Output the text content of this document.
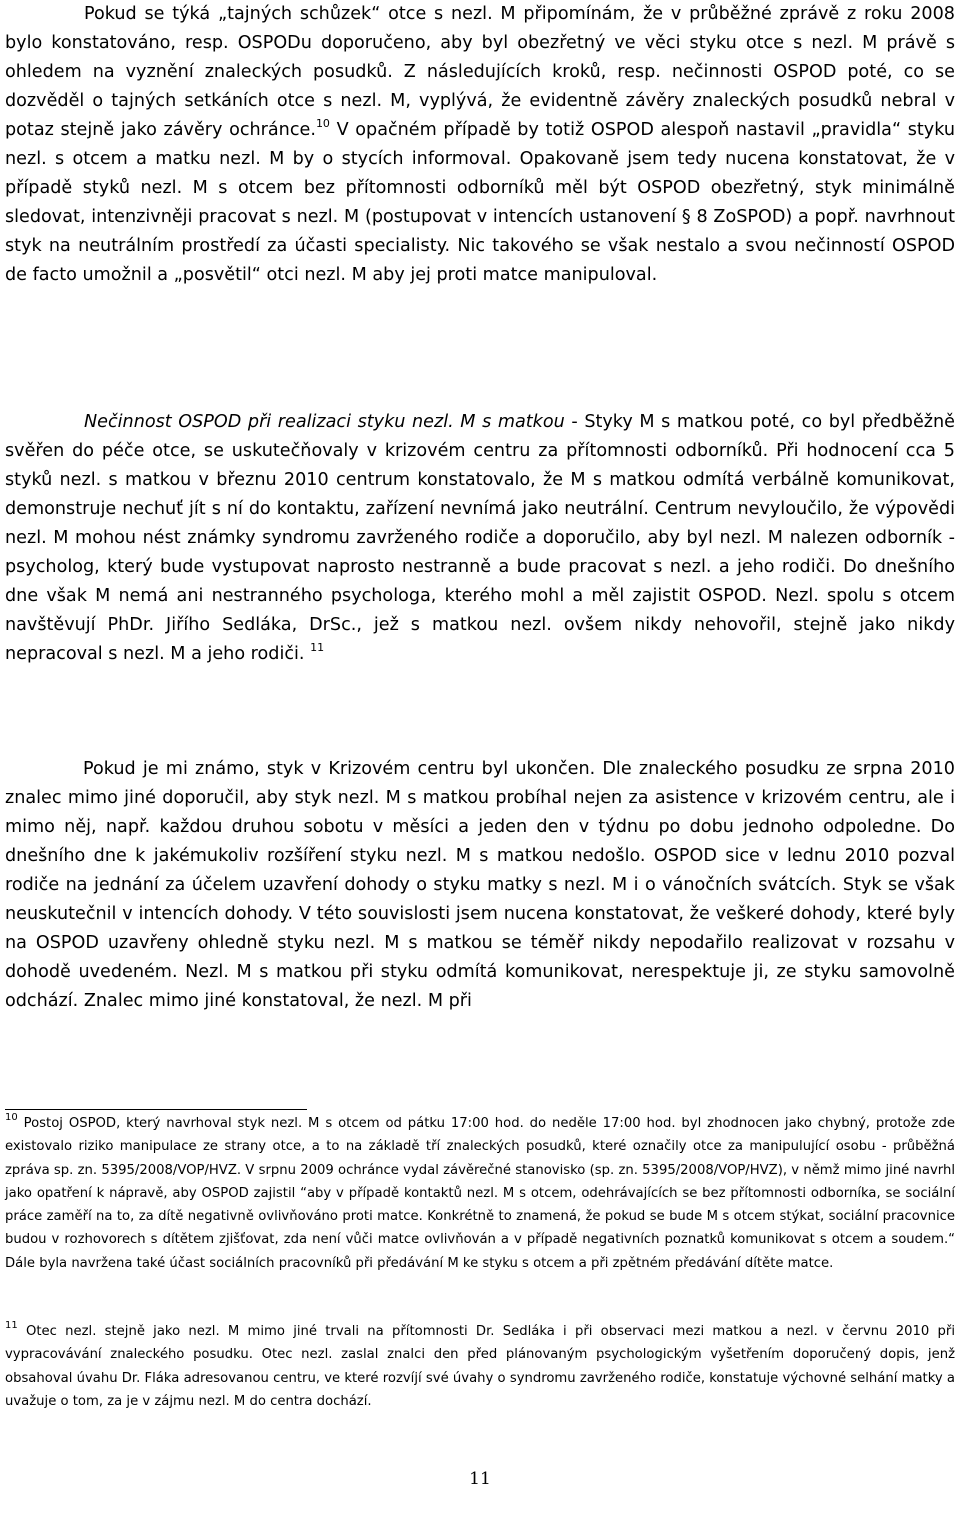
Pokud se týká „tajných schůzek“ otce s nezl. M připomínám, že v průběžné zprávě z roku 2008 bylo konstatováno, resp. OSPODu doporučeno, aby byl obezřetný ve věci styku otce s nezl. M právě s ohledem na vyznění znaleckých posudků. Z následujících kroků, resp. nečinnosti OSPOD poté, co se dozvěděl o tajných setkáních otce s nezl. M, vyplývá, že evidentně závěry znaleckých posudků nebral v potaz stejně jako závěry ochránce.$^{10}$ V opačném případě by totiž OSPOD alespoň nastavil „pravidla“ styku nezl. s otcem a matku nezl. M by o stycích informoval. Opakovaně jsem tedy nucena konstatovat, že v případě styků nezl. M s otcem bez přítomnosti odborníků měl být OSPOD obezřetný, styk minimálně sledovat, intenzivněji pracovat s nezl. M (postupovat v intencích ustanovení § 8 ZoSPOD) a popř. navrhnout styk na neutrálním prostředí za účasti specialisty. Nic takového se však nestalo a svou nečinností OSPOD de facto umožnil a „posvětil“ otci nezl. M aby jej proti matce manipuloval.

Nečinnost OSPOD při realizaci styku nezl. M s matkou - Styky M s matkou poté, co byl předběžně svěřen do péče otce, se uskutečňovaly v krizovém centru za přítomnosti odborníků. Při hodnocení cca 5 styků nezl. s matkou v březnu 2010 centrum konstatovalo, že M s matkou odmítá verbálně komunikovat, demonstruje nechuť jít s ní do kontaktu, zařízení nevnímá jako neutrální. Centrum nevyloučilo, že výpovědi nezl. M mohou nést známky syndromu zavrženého rodiče a doporučilo, aby byl nezl. M nalezen odborník - psycholog, který bude vystupovat naprosto nestranně a bude pracovat s nezl. a jeho rodiči. Do dnešního dne však M nemá ani nestranného psychologa, kterého mohl a měl zajistit OSPOD. Nezl. spolu s otcem navštěvují PhDr. Jiřího Sedláka, DrSc., jež s matkou nezl. ovšem nikdy nehovořil, stejně jako nikdy nepracoval s nezl. M a jeho rodiči. $^{11}$

Pokud je mi známo, styk v Krizovém centru byl ukončen. Dle znaleckého posudku ze srpna 2010 znalec mimo jiné doporučil, aby styk nezl. M s matkou probíhal nejen za asistence v krizovém centru, ale i mimo něj, např. každou druhou sobotu v měsíci a jeden den v týdnu po dobu jednoho odpoledne. Do dnešního dne k jakémukoliv rozšíření styku nezl. M s matkou nedošlo. OSPOD sice v lednu 2010 pozval rodiče na jednání za účelem uzavření dohody o styku matky s nezl. M i o vánočních svátcích. Styk se však neuskutečnil v intencích dohody. V této souvislosti jsem nucena konstatovat, že veškeré dohody, které byly na OSPOD uzavřeny ohledně styku nezl. M s matkou se téměř nikdy nepodařilo realizovat v rozsahu v dohodě uvedeném. Nezl. M s matkou při styku odmítá komunikovat, nerespektuje ji, ze styku samovolně odchází. Znalec mimo jiné konstatoval, že nezl. M při

$^{10}$ Postoj OSPOD, který navrhoval styk nezl. M s otcem od pátku 17:00 hod. do neděle 17:00 hod. byl zhodnocen jako chybný, protože zde existovalo riziko manipulace ze strany otce, a to na základě tří znaleckých posudků, které označily otce za manipulující osobu - průběžná zpráva sp. zn. 5395/2008/VOP/HVZ. V srpnu 2009 ochránce vydal závěrečné stanovisko (sp. zn. 5395/2008/VOP/HVZ), v němž mimo jiné navrhl jako opatření k nápravě, aby OSPOD zajistil “aby v případě kontaktů nezl. M s otcem, odehrávajících se bez přítomnosti odborníka, se sociální práce zaměří na to, za dítě negativně ovlivňováno proti matce. Konkrétně to znamená, že pokud se bude M s otcem stýkat, sociální pracovnice budou v rozhovorech s dítětem zjišťovat, zda není vůči matce ovlivňován a v případě negativních poznatků komunikovat s otcem a soudem.“ Dále byla navržena také účast sociálních pracovníků při předávání M ke styku s otcem a při zpětném předávání dítěte matce.

$^{11}$ Otec nezl. stejně jako nezl. M mimo jiné trvali na přítomnosti Dr. Sedláka i při observaci mezi matkou a nezl. v červnu 2010 při vypracovávání znaleckého posudku. Otec nezl. zaslal znalci den před plánovaným psychologickým vyšetřením doporučený dopis, jenž obsahoval úvahu Dr. Fláka adresovanou centru, ve které rozvíjí své úvahy o syndromu zavrženého rodiče, konstatuje výchovné selhání matky a uvažuje o tom, za je v zájmu nezl. M do centra dochází.

11
